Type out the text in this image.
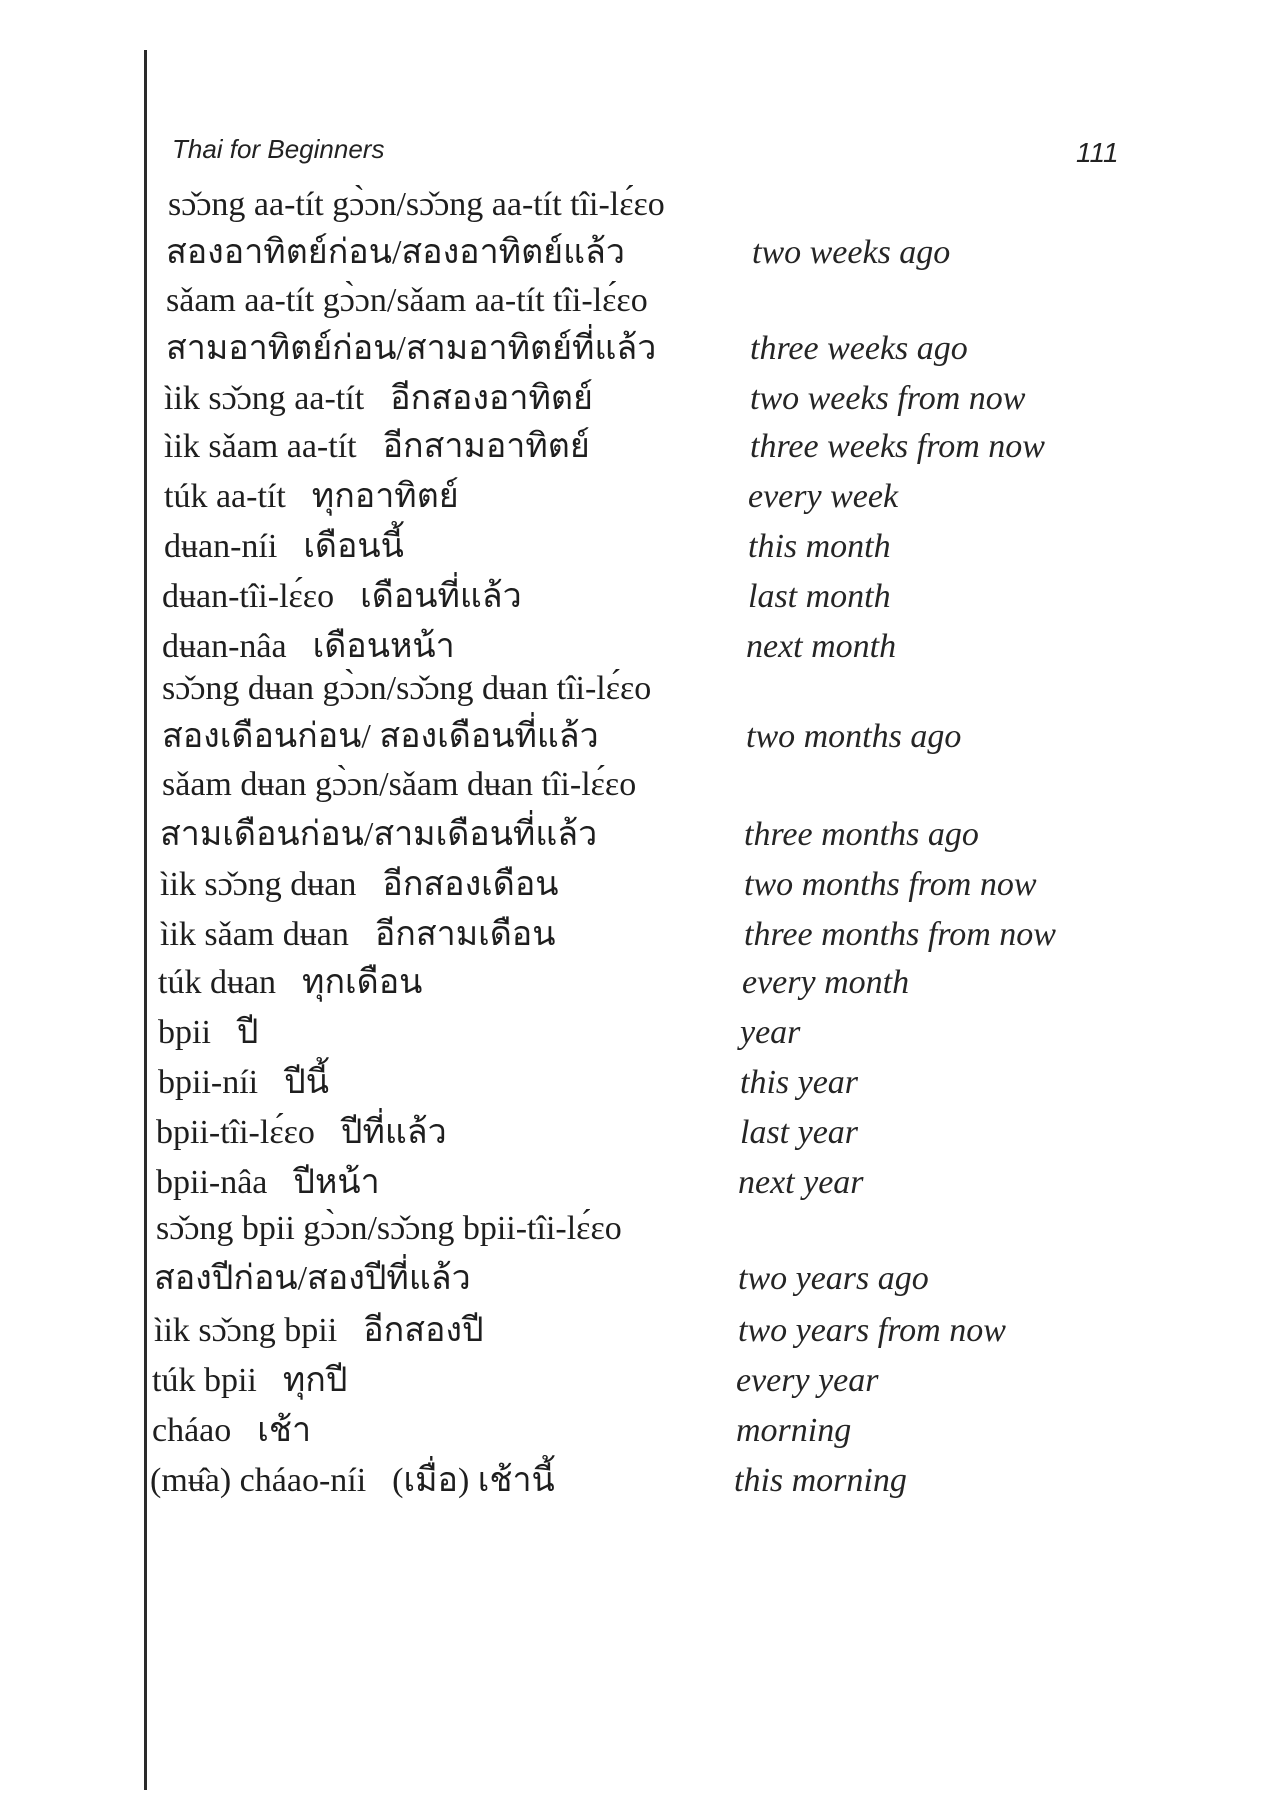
Thai for Beginners	111
sɔ̌ɔng aa-tít gɔ̀ɔn/sɔ̌ɔng aa-tít tîi-lɛ́ɛo
สองอาทิตย์ก่อน/สองอาทิตย์แล้ว	two weeks ago
sǎam aa-tít gɔ̀ɔn/sǎam aa-tít tîi-lɛ́ɛo
สามอาทิตย์ก่อน/สามอาทิตย์ที่แล้ว	three weeks ago
ìik sɔ̌ɔng aa-tít อีกสองอาทิตย์	two weeks from now
ìik sǎam aa-tít อีกสามอาทิตย์	three weeks from now
túk aa-tít ทุกอาทิตย์	every week
dʉan-níi เดือนนี้	this month
dʉan-tîi-lɛ́ɛo เดือนที่แล้ว	last month
dʉan-nâa เดือนหน้า	next month
sɔ̌ɔng dʉan gɔ̀ɔn/sɔ̌ɔng dʉan tîi-lɛ́ɛo
สองเดือนก่อน/ สองเดือนที่แล้ว	two months ago
sǎam dʉan gɔ̀ɔn/sǎam dʉan tîi-lɛ́ɛo
สามเดือนก่อน/สามเดือนที่แล้ว	three months ago
ìik sɔ̌ɔng dʉan อีกสองเดือน	two months from now
ìik sǎam dʉan อีกสามเดือน	three months from now
túk dʉan ทุกเดือน	every month
bpii ปี	year
bpii-níi ปีนี้	this year
bpii-tîi-lɛ́ɛo ปีที่แล้ว	last year
bpii-nâa ปีหน้า	next year
sɔ̌ɔng bpii gɔ̀ɔn/sɔ̌ɔng bpii-tîi-lɛ́ɛo
สองปีก่อน/สองปีที่แล้ว	two years ago
ìik sɔ̌ɔng bpii อีกสองปี	two years from now
túk bpii ทุกปี	every year
cháao เช้า	morning
(mʉ̂a) cháao-níi (เมื่อ) เช้านี้	this morning
